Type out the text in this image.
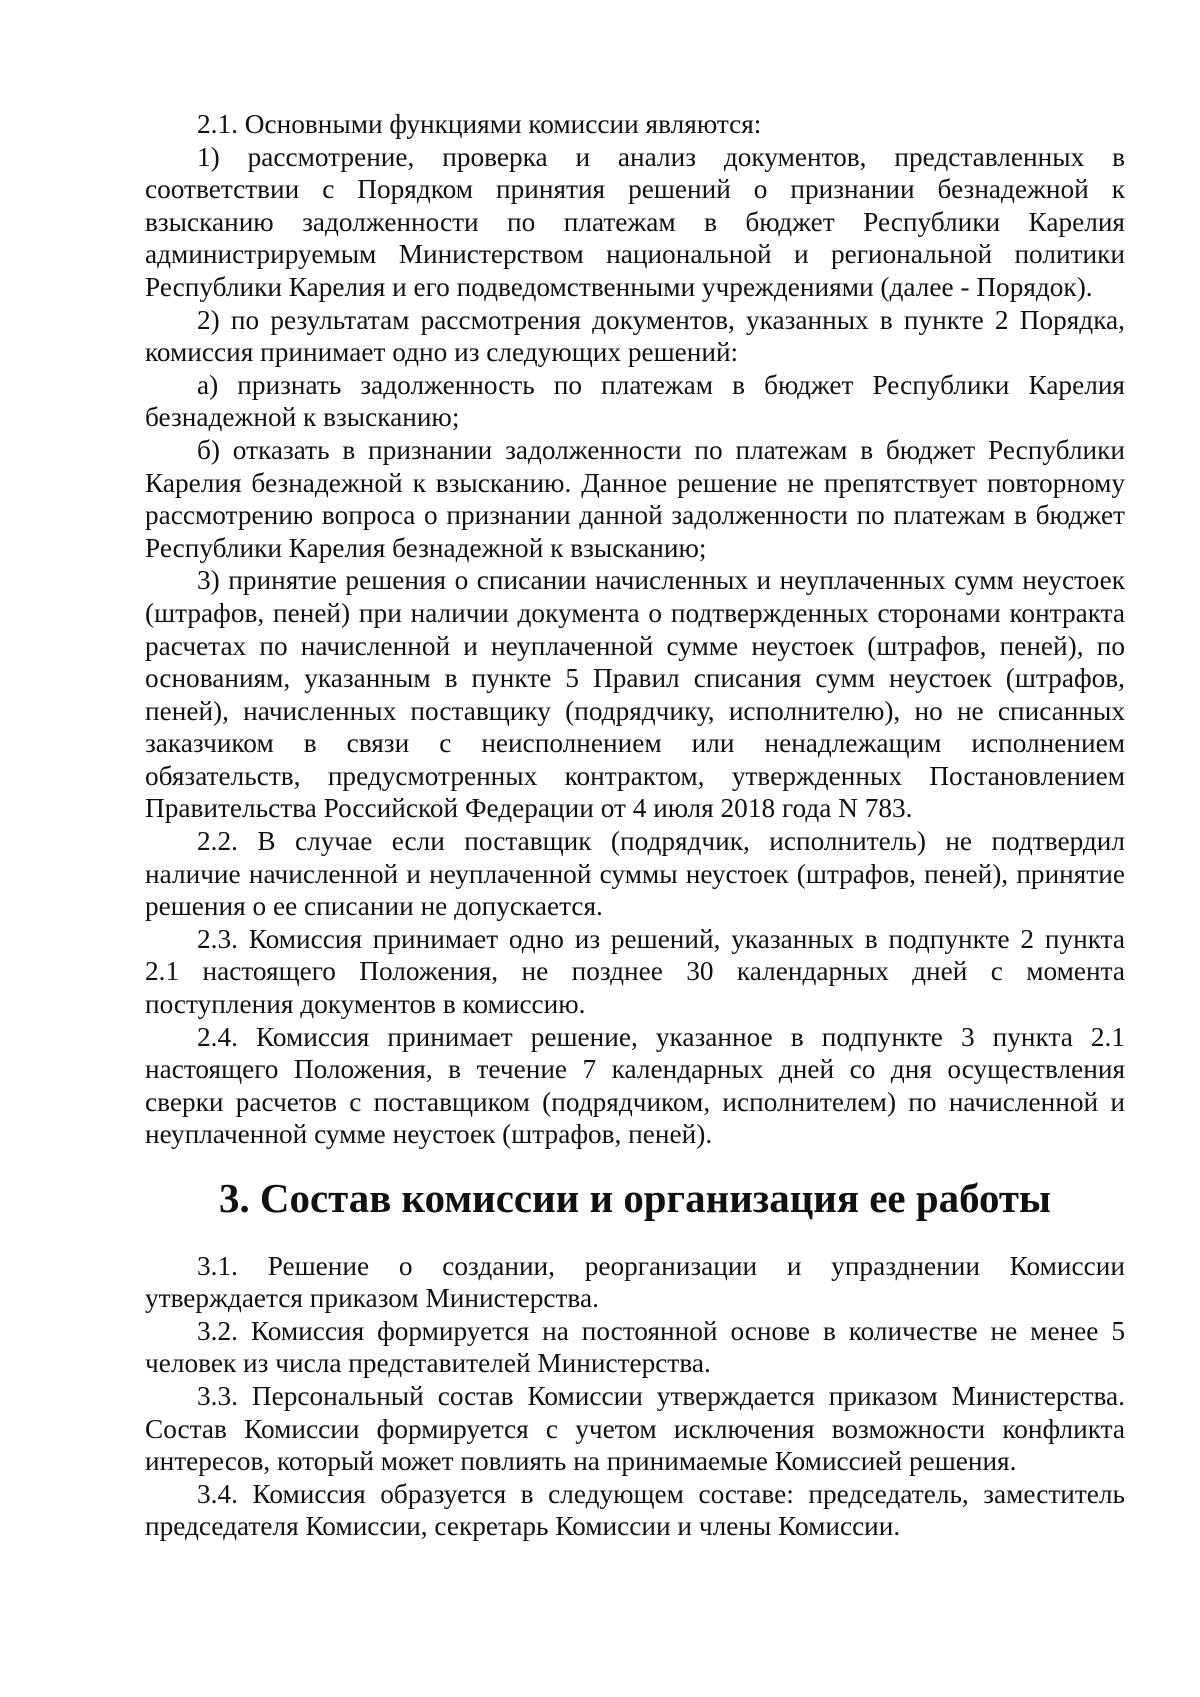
2.1. Основными функциями комиссии являются:

1) рассмотрение, проверка и анализ документов, представленных в соответствии с Порядком принятия решений о признании безнадежной к взысканию задолженности по платежам в бюджет Республики Карелия администрируемым Министерством национальной и региональной политики Республики Карелия и его подведомственными учреждениями (далее - Порядок).

2) по результатам рассмотрения документов, указанных в пункте 2 Порядка, комиссия принимает одно из следующих решений:

а) признать задолженность по платежам в бюджет Республики Карелия безнадежной к взысканию;

б) отказать в признании задолженности по платежам в бюджет Республики Карелия безнадежной к взысканию. Данное решение не препятствует повторному рассмотрению вопроса о признании данной задолженности по платежам в бюджет Республики Карелия безнадежной к взысканию;

3) принятие решения о списании начисленных и неуплаченных сумм неустоек (штрафов, пеней) при наличии документа о подтвержденных сторонами контракта расчетах по начисленной и неуплаченной сумме неустоек (штрафов, пеней), по основаниям, указанным в пункте 5 Правил списания сумм неустоек (штрафов, пеней), начисленных поставщику (подрядчику, исполнителю), но не списанных заказчиком в связи с неисполнением или ненадлежащим исполнением обязательств, предусмотренных контрактом, утвержденных Постановлением Правительства Российской Федерации от 4 июля 2018 года N 783.

2.2. В случае если поставщик (подрядчик, исполнитель) не подтвердил наличие начисленной и неуплаченной суммы неустоек (штрафов, пеней), принятие решения о ее списании не допускается.

2.3. Комиссия принимает одно из решений, указанных в подпункте 2 пункта 2.1 настоящего Положения, не позднее 30 календарных дней с момента поступления документов в комиссию.

2.4. Комиссия принимает решение, указанное в подпункте 3 пункта 2.1 настоящего Положения, в течение 7 календарных дней со дня осуществления сверки расчетов с поставщиком (подрядчиком, исполнителем) по начисленной и неуплаченной сумме неустоек (штрафов, пеней).

3. Состав комиссии и организация ее работы

3.1. Решение о создании, реорганизации и упразднении Комиссии утверждается приказом Министерства.

3.2. Комиссия формируется на постоянной основе в количестве не менее 5 человек из числа представителей Министерства.

3.3. Персональный состав Комиссии утверждается приказом Министерства. Состав Комиссии формируется с учетом исключения возможности конфликта интересов, который может повлиять на принимаемые Комиссией решения.

3.4. Комиссия образуется в следующем составе: председатель, заместитель председателя Комиссии, секретарь Комиссии и члены Комиссии.
